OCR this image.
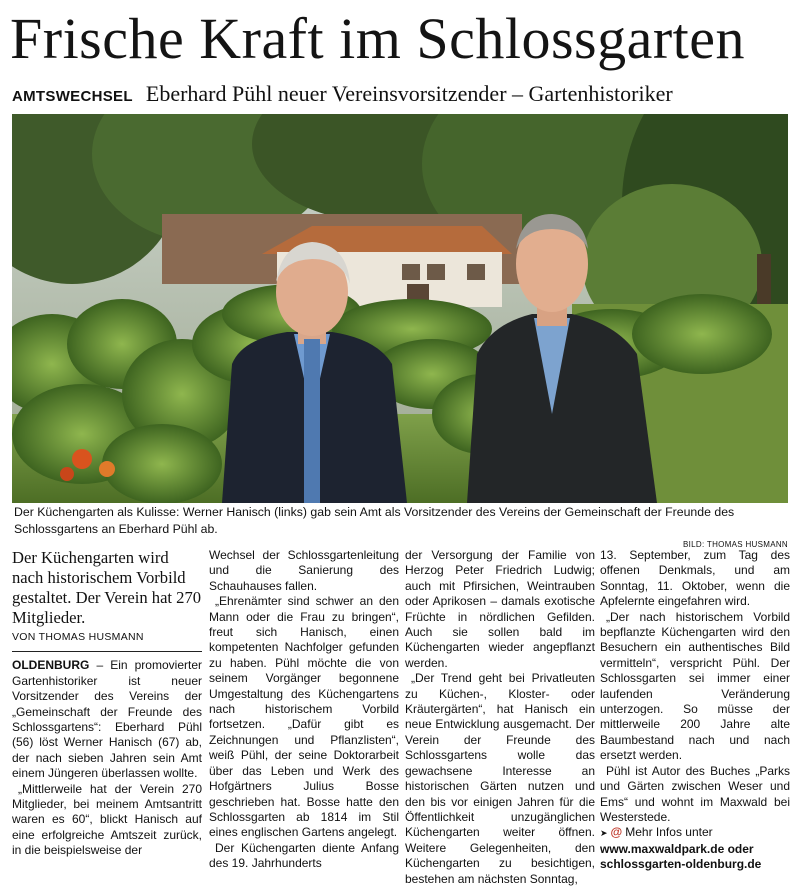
Frische Kraft im Schlossgarten
AMTSWECHSEL Eberhard Pühl neuer Vereinsvorsitzender – Gartenhistoriker
Der Küchengarten als Kulisse: Werner Hanisch (links) gab sein Amt als Vorsitzender des Vereins der Gemeinschaft der Freunde des Schlossgartens an Eberhard Pühl ab.
BILD: THOMAS HUSMANN

Der Küchengarten wird nach historischem Vorbild gestaltet. Der Verein hat 270 Mitglieder.

VON THOMAS HUSMANN

OLDENBURG – Ein promovierter Gartenhistoriker ist neuer Vorsitzender des Vereins der „Gemeinschaft der Freunde des Schlossgartens“: Eberhard Pühl (56) löst Werner Hanisch (67) ab, der nach sieben Jahren sein Amt einem Jüngeren überlassen wollte.

„Mittlerweile hat der Verein 270 Mitglieder, bei meinem Amtsantritt waren es 60“, blickt Hanisch auf eine erfolgreiche Amtszeit zurück, in die beispielsweise der

Wechsel der Schlossgartenleitung und die Sanierung des Schauhauses fallen.

„Ehrenämter sind schwer an den Mann oder die Frau zu bringen“, freut sich Hanisch, einen kompetenten Nachfolger gefunden zu haben. Pühl möchte die von seinem Vorgänger begonnene Umgestaltung des Küchengartens nach historischem Vorbild fortsetzen. „Dafür gibt es Zeichnungen und Pflanzlisten“, weiß Pühl, der seine Doktorarbeit über das Leben und Werk des Hofgärtners Julius Bosse geschrieben hat. Bosse hatte den Schlossgarten ab 1814 im Stil eines englischen Gartens angelegt.

Der Küchengarten diente Anfang des 19. Jahrhunderts

der Versorgung der Familie von Herzog Peter Friedrich Ludwig; auch mit Pfirsichen, Weintrauben oder Aprikosen – damals exotische Früchte in nördlichen Gefilden. Auch sie sollen bald im Küchengarten wieder angepflanzt werden.

„Der Trend geht bei Privatleuten zu Küchen-, Kloster- oder Kräutergärten“, hat Hanisch ein neue Entwicklung ausgemacht. Der Verein der Freunde des Schlossgartens wolle das gewachsene Interesse an historischen Gärten nutzen und den bis vor einigen Jahren für die Öffentlichkeit unzugänglichen Küchengarten weiter öffnen. Weitere Gelegenheiten, den Küchengarten zu besichtigen, bestehen am nächsten Sonntag,

13. September, zum Tag des offenen Denkmals, und am Sonntag, 11. Oktober, wenn die Apfelernte eingefahren wird.

„Der nach historischem Vorbild bepflanzte Küchengarten wird den Besuchern ein authentisches Bild vermitteln“, verspricht Pühl. Der Schlossgarten sei immer einer laufenden Veränderung unterzogen. So müsse der mittlerweile 200 Jahre alte Baumbestand nach und nach ersetzt werden.

Pühl ist Autor des Buches „Parks und Gärten zwischen Weser und Ems“ und wohnt im Maxwald bei Westerstede.

➤ @ Mehr Infos unter

www.maxwaldpark.de oder
schlossgarten-oldenburg.de
